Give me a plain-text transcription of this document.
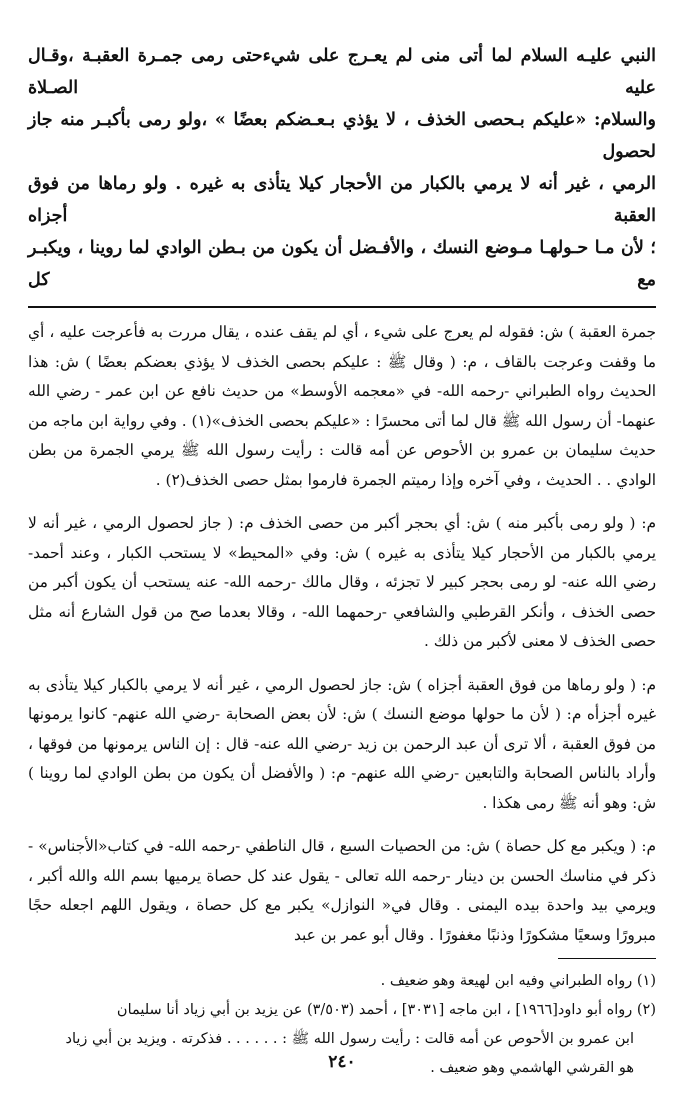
النبي عليـه السلام لما أتى منى لم يعـرج على شيءحتى رمى جمـرة العقبـة ،وقـال عليه الصـلاة

والسلام: «عليكم بـحصى الخذف ، لا يؤذي بـعـضكم بعضًا » ،ولو رمى بأكبـر منه جاز لحصول

الرمي ، غير أنه لا يرمي بالكبار من الأحجار كيلا يتأذى به غيره . ولو رماها من فوق العقبة أجزاه

؛ لأن مـا حـولهـا مـوضع النسك ، والأفـضل أن يكون من بـطن الوادي لما روينا ، ويكبـر مع كل

جمرة العقبة ) ش: فقوله لم يعرج على شيء ، أي لم يقف عنده ، يقال مررت به فأعرجت عليه ، أي ما وقفت وعرجت بالقاف ، م: ( وقال ﷺ : عليكم بحصى الخذف لا يؤذي بعضكم بعضًا ) ش: هذا الحديث رواه الطبراني -رحمه الله- في «معجمه الأوسط» من حديث نافع عن ابن عمر - رضي الله عنهما- أن رسول الله ﷺ قال لما أتى محسرًا : «عليكم بحصى الخذف»(١) . وفي رواية ابن ماجه من حديث سليمان بن عمرو بن الأحوص عن أمه قالت : رأيت رسول الله ﷺ يرمي الجمرة من بطن الوادي . . الحديث ، وفي آخره وإذا رميتم الجمرة فارموا بمثل حصى الخذف(٢) .

م: ( ولو رمى بأكبر منه ) ش: أي بحجر أكبر من حصى الخذف م: ( جاز لحصول الرمي ، غير أنه لا يرمي بالكبار من الأحجار كيلا يتأذى به غيره ) ش: وفي «المحيط» لا يستحب الكبار ، وعند أحمد-رضي الله عنه- لو رمى بحجر كبير لا تجزئه ، وقال مالك -رحمه الله- عنه يستحب أن يكون أكبر من حصى الخذف ، وأنكر القرطبي والشافعي -رحمهما الله- ، وقالا بعدما صح من قول الشارع أنه مثل حصى الخذف لا معنى لأكبر من ذلك .

م: ( ولو رماها من فوق العقبة أجزاه ) ش: جاز لحصول الرمي ، غير أنه لا يرمي بالكبار كيلا يتأذى به غيره أجزأه م: ( لأن ما حولها موضع النسك ) ش: لأن بعض الصحابة -رضي الله عنهم- كانوا يرمونها من فوق العقبة ، ألا ترى أن عبد الرحمن بن زيد -رضي الله عنه- قال : إن الناس يرمونها من فوقها ، وأراد بالناس الصحابة والتابعين -رضي الله عنهم- م: ( والأفضل أن يكون من بطن الوادي لما روينا ) ش: وهو أنه ﷺ رمى هكذا .

م: ( ويكبر مع كل حصاة ) ش: من الحصيات السبع ، قال الناطفي -رحمه الله- في كتاب«الأجناس» - ذكر في مناسك الحسن بن دينار -رحمه الله تعالى - يقول عند كل حصاة يرميها بسم الله والله أكبر ، ويرمي بيد واحدة بيده اليمنى . وقال في« النوازل» يكبر مع كل حصاة ، ويقول اللهم اجعله حجًا مبرورًا وسعيًا مشكورًا وذنبًا مغفورًا . وقال أبو عمر بن عبد

(١) رواه الطبراني وفيه ابن لهيعة وهو ضعيف .

(٢) رواه أبو داود[١٩٦٦] ، ابن ماجه [٣٠٣١] ، أحمد (٣/٥٠٣) عن يزيد بن أبي زياد أنا سليمان

ابن عمرو بن الأحوص عن أمه قالت : رأيت رسول الله ﷺ : . . . . . . فذكرته . ويزيد بن أبي زياد

هو القرشي الهاشمي وهو ضعيف .

٢٤٠
